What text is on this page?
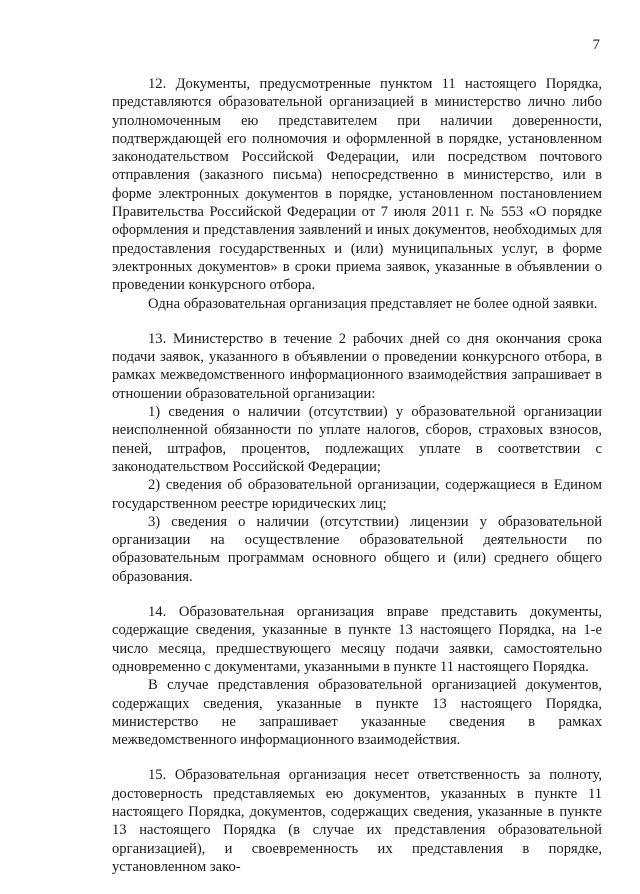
7

12. Документы, предусмотренные пунктом 11 настоящего Порядка, представляются образовательной организацией в министерство лично либо уполномоченным ею представителем при наличии доверенности, подтверждающей его полномочия и оформленной в порядке, установленном законодательством Российской Федерации, или посредством почтового отправления (заказного письма) непосредственно в министерство, или в форме электронных документов в порядке, установленном постановлением Правительства Российской Федерации от 7 июля 2011 г. № 553 «О порядке оформления и представления заявлений и иных документов, необходимых для предоставления государственных и (или) муниципальных услуг, в форме электронных документов» в сроки приема заявок, указанные в объявлении о проведении конкурсного отбора.

Одна образовательная организация представляет не более одной заявки.

13. Министерство в течение 2 рабочих дней со дня окончания срока подачи заявок, указанного в объявлении о проведении конкурсного отбора, в рамках межведомственного информационного взаимодействия запрашивает в отношении образовательной организации:

1) сведения о наличии (отсутствии) у образовательной организации неисполненной обязанности по уплате налогов, сборов, страховых взносов, пеней, штрафов, процентов, подлежащих уплате в соответствии с законодательством Российской Федерации;

2) сведения об образовательной организации, содержащиеся в Едином государственном реестре юридических лиц;

3) сведения о наличии (отсутствии) лицензии у образовательной организации на осуществление образовательной деятельности по образовательным программам основного общего и (или) среднего общего образования.

14. Образовательная организация вправе представить документы, содержащие сведения, указанные в пункте 13 настоящего Порядка, на 1-е число месяца, предшествующего месяцу подачи заявки, самостоятельно одновременно с документами, указанными в пункте 11 настоящего Порядка.

В случае представления образовательной организацией документов, содержащих сведения, указанные в пункте 13 настоящего Порядка, министерство не запрашивает указанные сведения в рамках межведомственного информационного взаимодействия.

15. Образовательная организация несет ответственность за полноту, достоверность представляемых ею документов, указанных в пункте 11 настоящего Порядка, документов, содержащих сведения, указанные в пункте 13 настоящего Порядка (в случае их представления образовательной организацией), и своевременность их представления в порядке, установленном зако-
